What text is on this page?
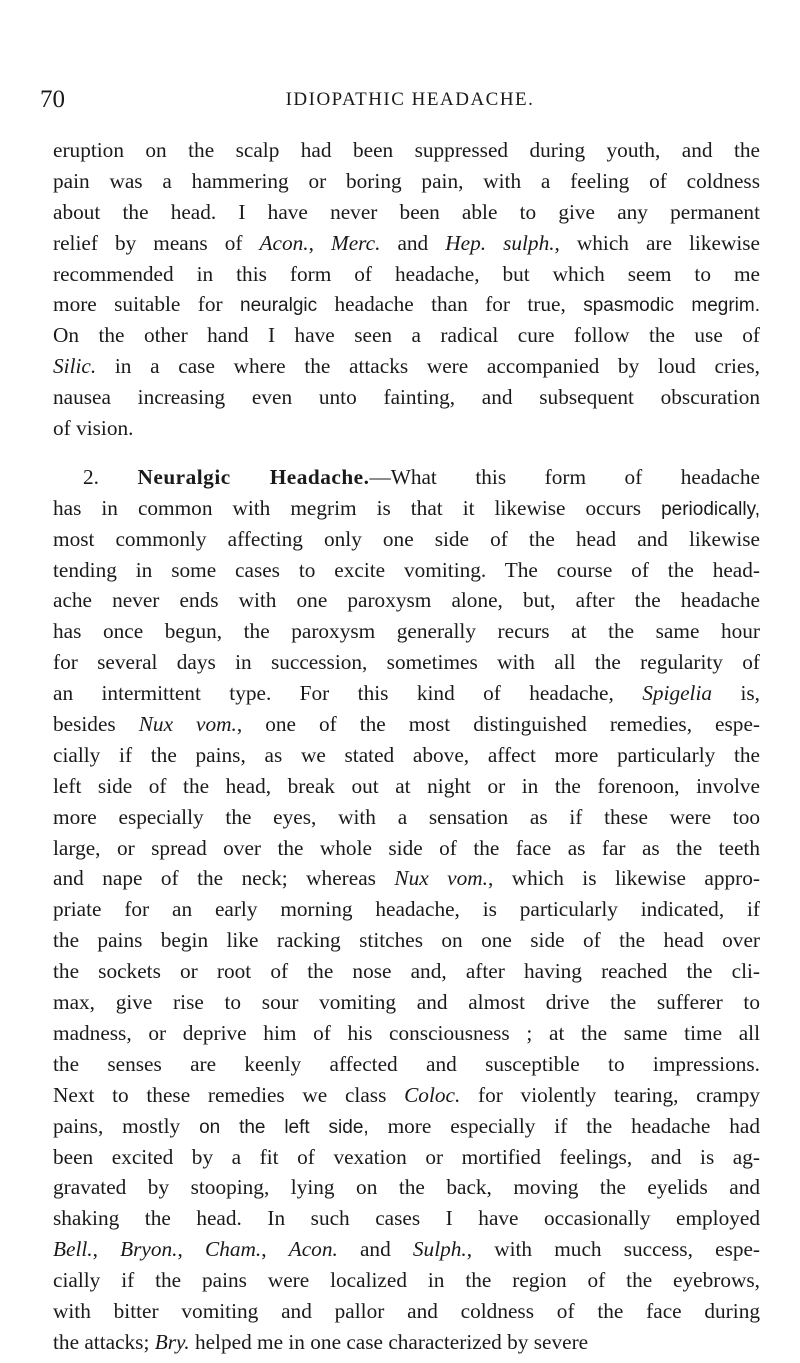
70	IDIOPATHIC HEADACHE.
eruption on the scalp had been suppressed during youth, and the
pain was a hammering or boring pain, with a feeling of coldness
about the head. I have never been able to give any permanent
relief by means of Acon., Merc. and Hep. sulph., which are likewise
recommended in this form of headache, but which seem to me
more suitable for neuralgic headache than for true, spasmodic megrim.
On the other hand I have seen a radical cure follow the use of
Silic. in a case where the attacks were accompanied by loud cries,
nausea increasing even unto fainting, and subsequent obscuration
of vision.
2. Neuralgic Headache.—What this form of headache
has in common with megrim is that it likewise occurs periodically,
most commonly affecting only one side of the head and likewise
tending in some cases to excite vomiting. The course of the head-
ache never ends with one paroxysm alone, but, after the headache
has once begun, the paroxysm generally recurs at the same hour
for several days in succession, sometimes with all the regularity of
an intermittent type. For this kind of headache, Spigelia is,
besides Nux vom., one of the most distinguished remedies, espe-
cially if the pains, as we stated above, affect more particularly the
left side of the head, break out at night or in the forenoon, involve
more especially the eyes, with a sensation as if these were too
large, or spread over the whole side of the face as far as the teeth
and nape of the neck; whereas Nux vom., which is likewise appro-
priate for an early morning headache, is particularly indicated, if
the pains begin like racking stitches on one side of the head over
the sockets or root of the nose and, after having reached the cli-
max, give rise to sour vomiting and almost drive the sufferer to
madness, or deprive him of his consciousness ; at the same time all
the senses are keenly affected and susceptible to impressions.
Next to these remedies we class Coloc. for violently tearing, crampy
pains, mostly on the left side, more especially if the headache had
been excited by a fit of vexation or mortified feelings, and is ag-
gravated by stooping, lying on the back, moving the eyelids and
shaking the head. In such cases I have occasionally employed
Bell., Bryon., Cham., Acon. and Sulph., with much success, espe-
cially if the pains were localized in the region of the eyebrows,
with bitter vomiting and pallor and coldness of the face during
the attacks; Bry. helped me in one case characterized by severe
